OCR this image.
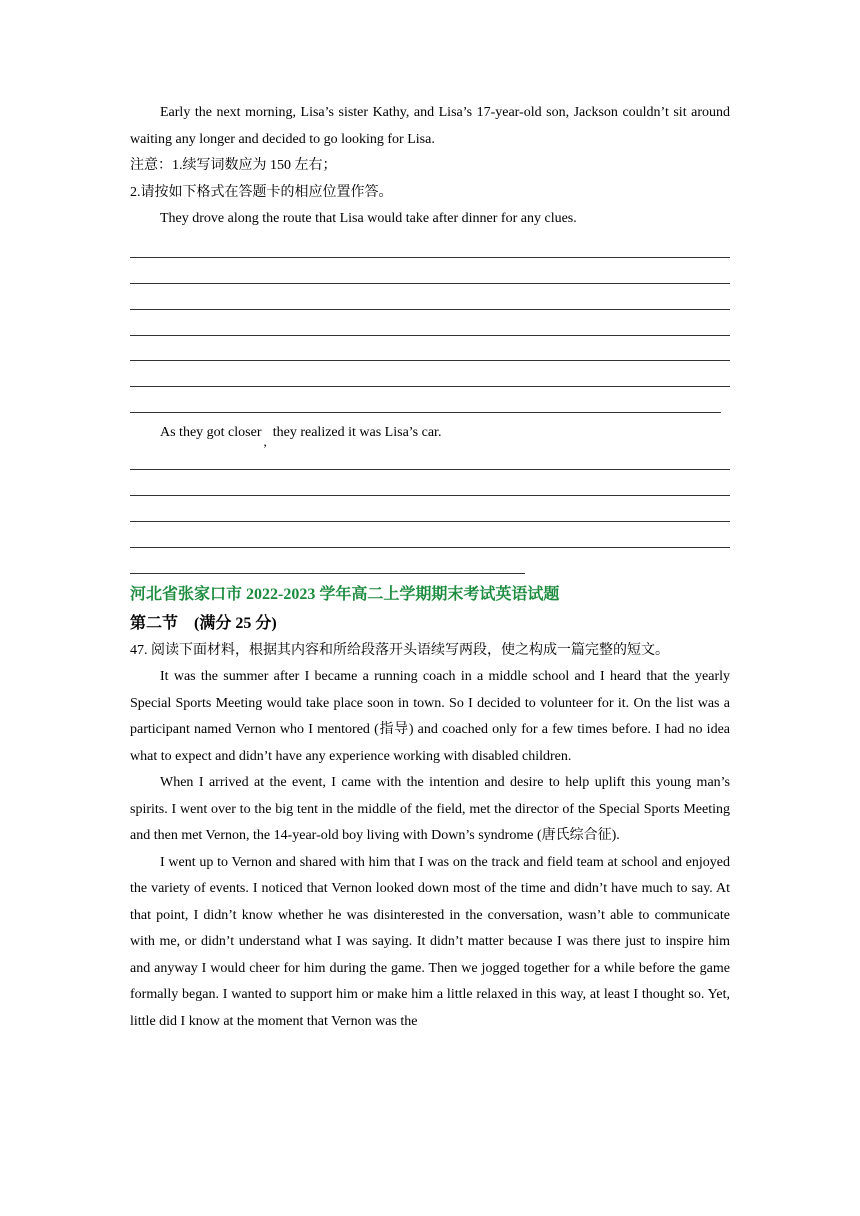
Early the next morning, Lisa’s sister Kathy, and Lisa’s 17-year-old son, Jackson couldn’t sit around waiting any longer and decided to go looking for Lisa.

注意：1.续写词数应为 150 左右；

2.请按如下格式在答题卡的相应位置作答。

They drove along the route that Lisa would take after dinner for any clues.

As they got closer,they realized it was Lisa’s car.

河北省张家口市 2022-2023 学年高二上学期期末考试英语试题
第二节 (满分 25 分)

47. 阅读下面材料，根据其内容和所给段落开头语续写两段，使之构成一篇完整的短文。

It was the summer after I became a running coach in a middle school and I heard that the yearly Special Sports Meeting would take place soon in town. So I decided to volunteer for it. On the list was a participant named Vernon who I mentored (指导) and coached only for a few times before. I had no idea what to expect and didn’t have any experience working with disabled children.

When I arrived at the event, I came with the intention and desire to help uplift this young man’s spirits. I went over to the big tent in the middle of the field, met the director of the Special Sports Meeting and then met Vernon, the 14-year-old boy living with Down’s syndrome (唐氏综合征).

I went up to Vernon and shared with him that I was on the track and field team at school and enjoyed the variety of events. I noticed that Vernon looked down most of the time and didn’t have much to say. At that point, I didn’t know whether he was disinterested in the conversation, wasn’t able to communicate with me, or didn’t understand what I was saying. It didn’t matter because I was there just to inspire him and anyway I would cheer for him during the game. Then we jogged together for a while before the game formally began. I wanted to support him or make him a little relaxed in this way, at least I thought so. Yet, little did I know at the moment that Vernon was the
